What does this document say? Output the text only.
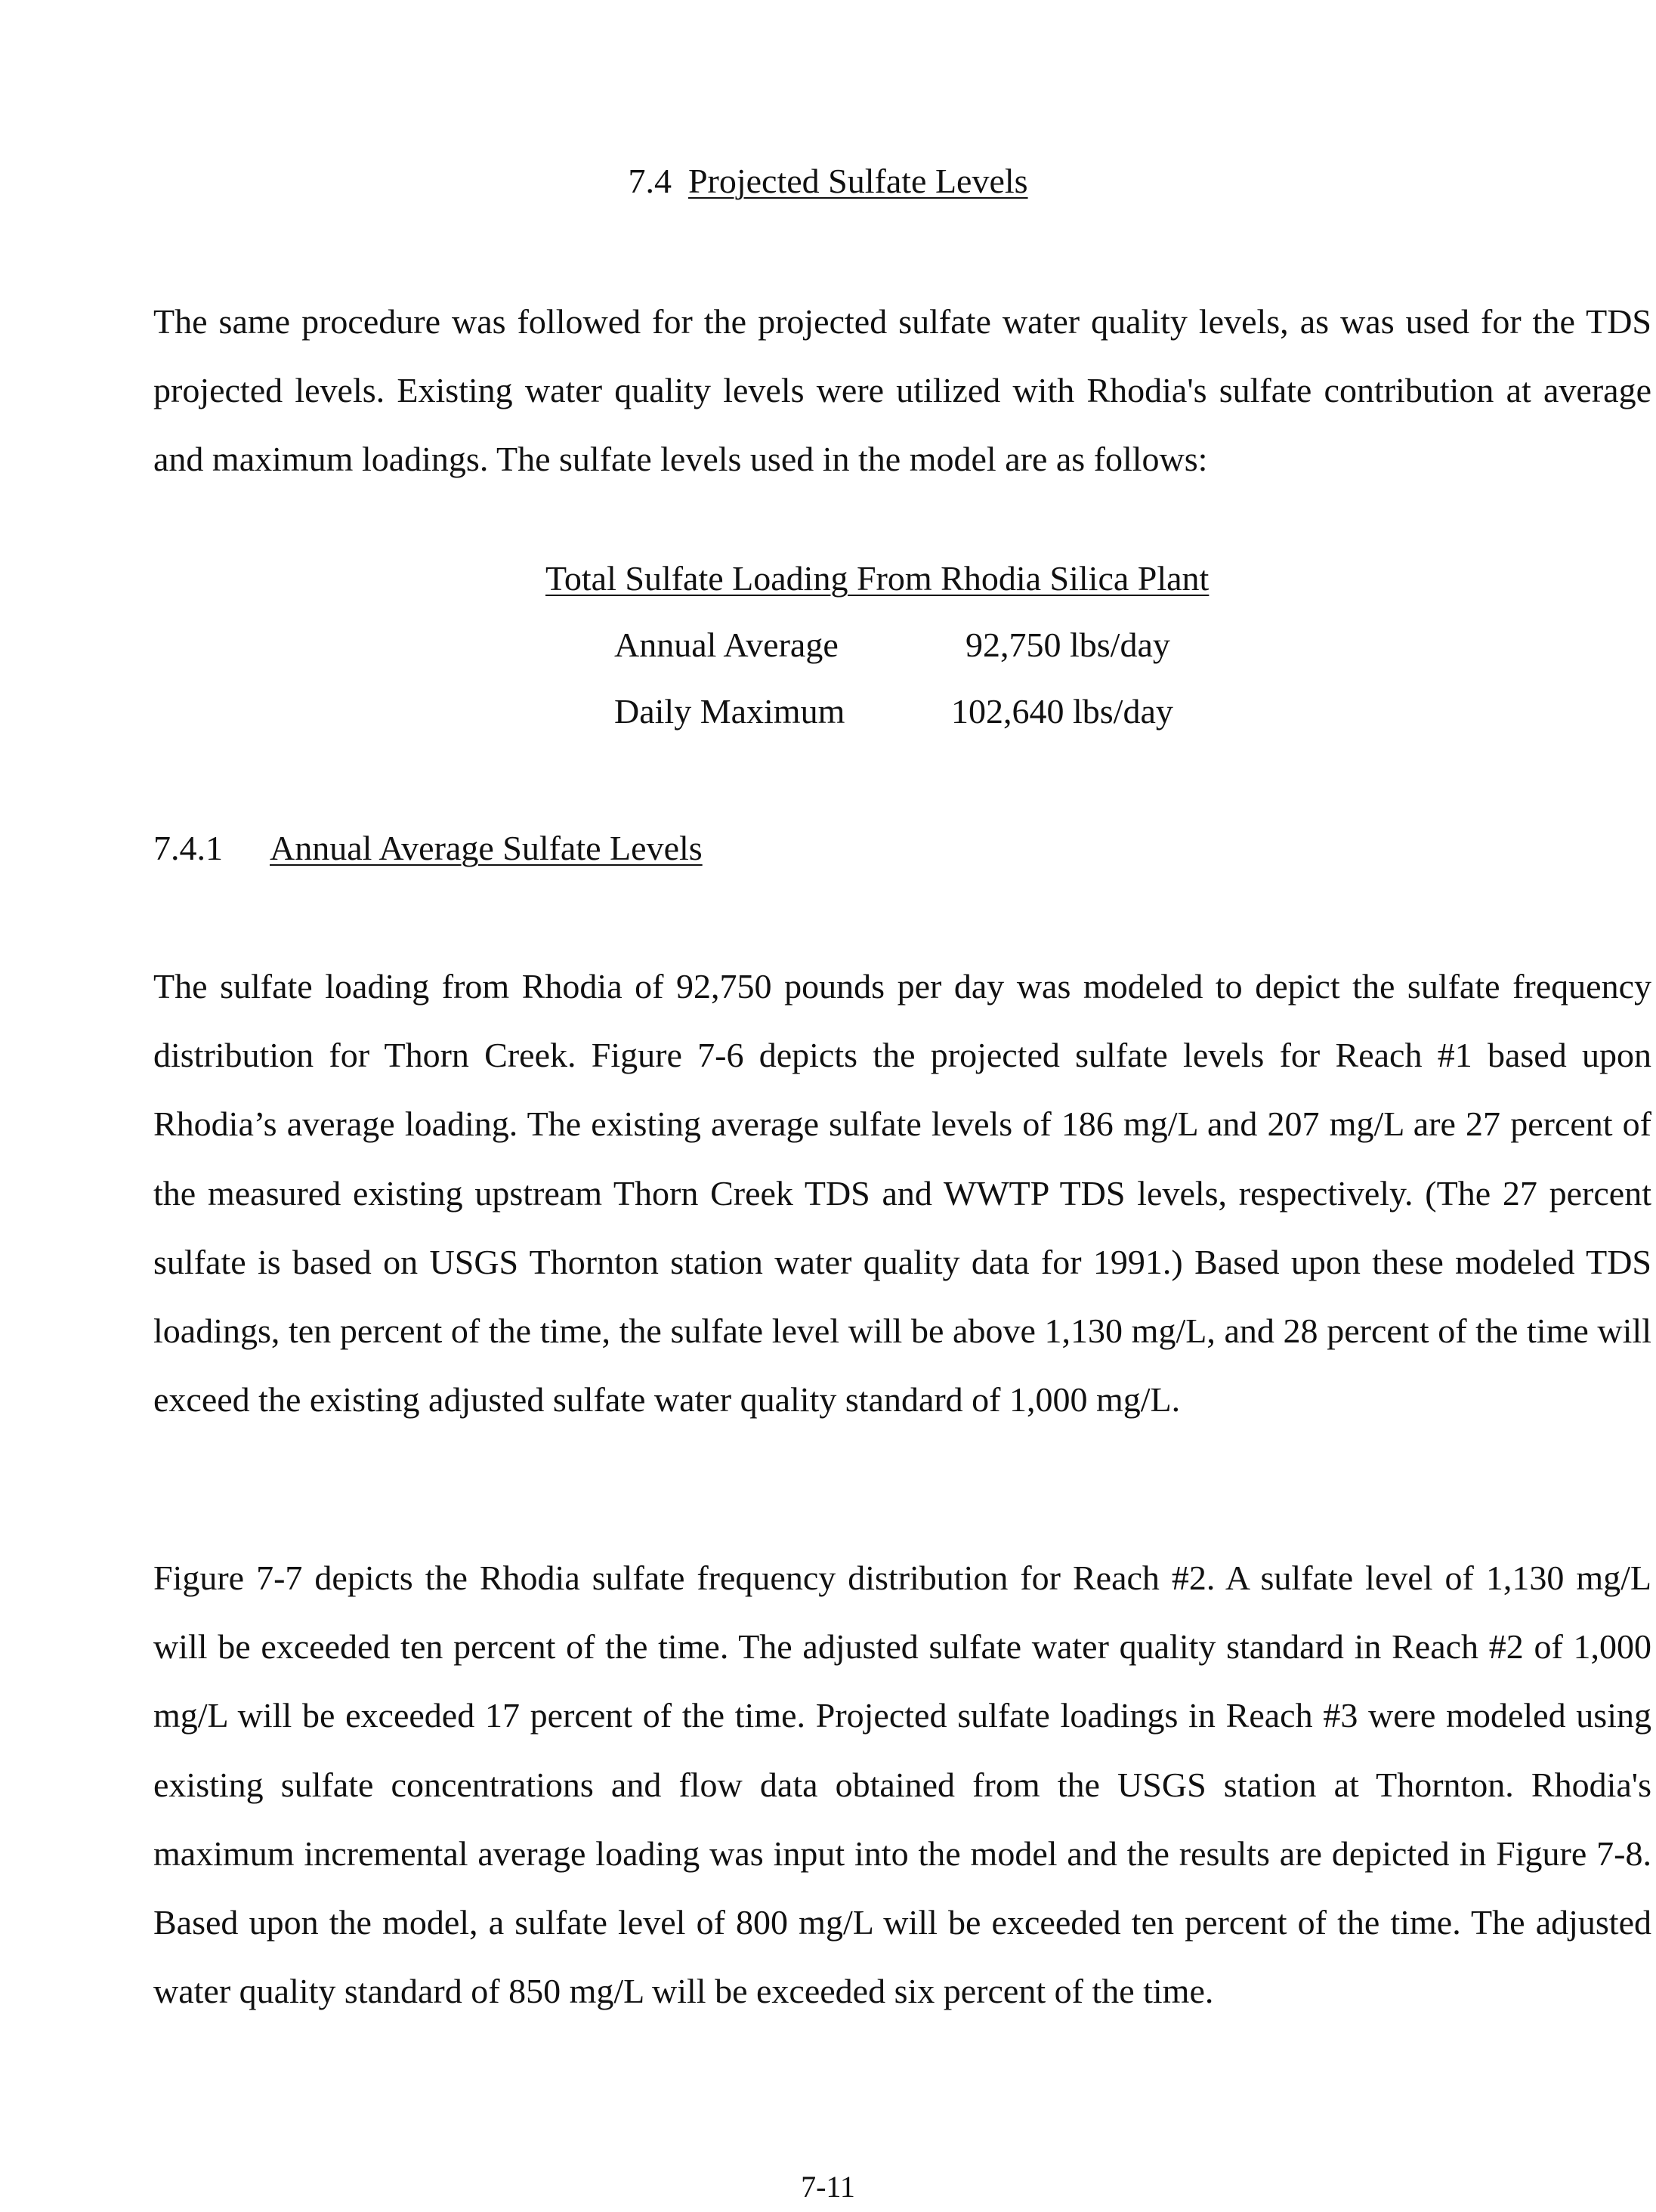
7.4 Projected Sulfate Levels

The same procedure was followed for the projected sulfate water quality levels, as was used for the TDS projected levels. Existing water quality levels were utilized with Rhodia's sulfate contribution at average and maximum loadings. The sulfate levels used in the model are as follows:

Total Sulfate Loading From Rhodia Silica Plant
Annual Average	92,750 lbs/day
Daily Maximum	102,640 lbs/day
7.4.1 Annual Average Sulfate Levels

The sulfate loading from Rhodia of 92,750 pounds per day was modeled to depict the sulfate frequency distribution for Thorn Creek. Figure 7-6 depicts the projected sulfate levels for Reach #1 based upon Rhodia’s average loading. The existing average sulfate levels of 186 mg/L and 207 mg/L are 27 percent of the measured existing upstream Thorn Creek TDS and WWTP TDS levels, respectively. (The 27 percent sulfate is based on USGS Thornton station water quality data for 1991.) Based upon these modeled TDS loadings, ten percent of the time, the sulfate level will be above 1,130 mg/L, and 28 percent of the time will exceed the existing adjusted sulfate water quality standard of 1,000 mg/L.

Figure 7-7 depicts the Rhodia sulfate frequency distribution for Reach #2. A sulfate level of 1,130 mg/L will be exceeded ten percent of the time. The adjusted sulfate water quality standard in Reach #2 of 1,000 mg/L will be exceeded 17 percent of the time. Projected sulfate loadings in Reach #3 were modeled using existing sulfate concentrations and flow data obtained from the USGS station at Thornton. Rhodia's maximum incremental average loading was input into the model and the results are depicted in Figure 7-8. Based upon the model, a sulfate level of 800 mg/L will be exceeded ten percent of the time. The adjusted water quality standard of 850 mg/L will be exceeded six percent of the time.

7-11
